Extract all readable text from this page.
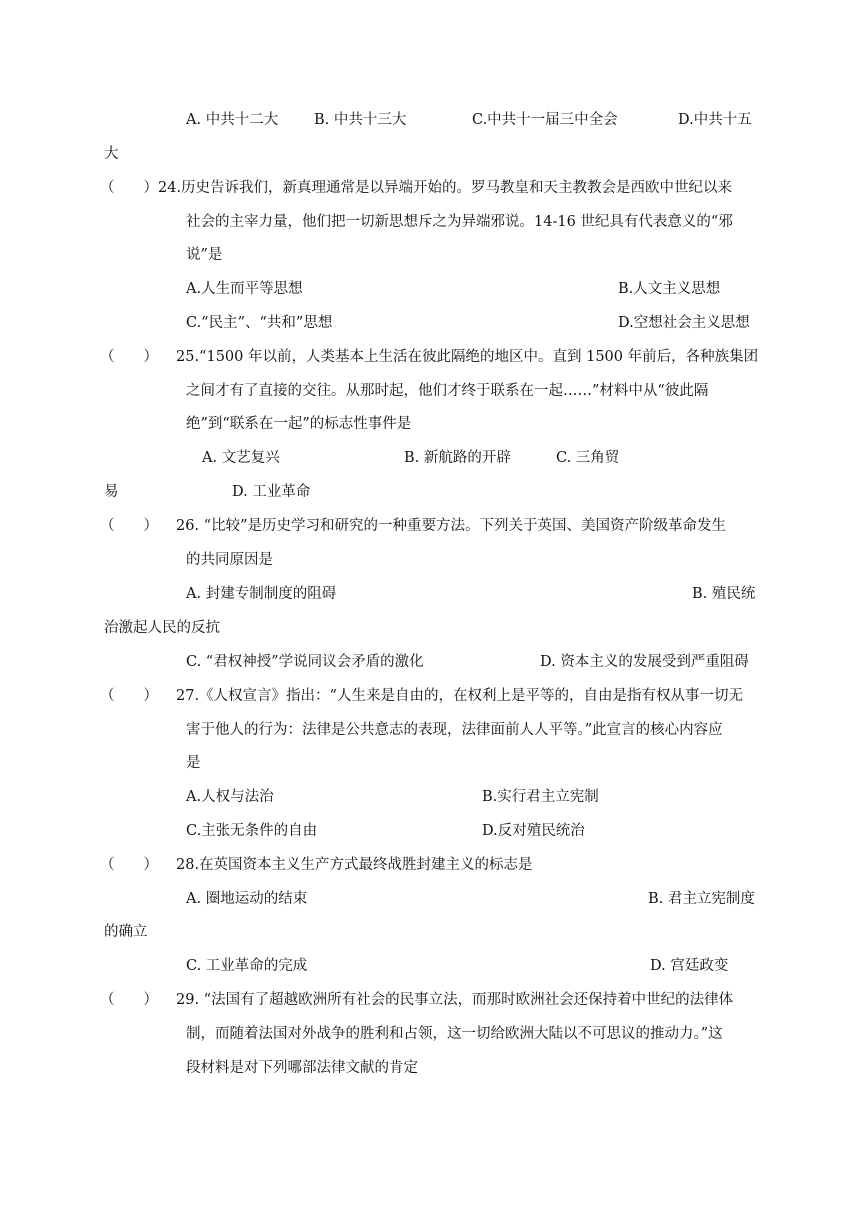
A. 中共十二大 B. 中共十三大	C.中共十一届三中全会	D.中共十五
大
（　　） 24.历史告诉我们，新真理通常是以异端开始的。罗马教皇和天主教教会是西欧中世纪以来
社会的主宰力量，他们把一切新思想斥之为异端邪说。14-16 世纪具有代表意义的“邪
说”是
A.人生而平等思想	B.人文主义思想
C.“民主”、“共和”思想	D.空想社会主义思想
（　　） 25.“1500 年以前，人类基本上生活在彼此隔绝的地区中。直到 1500 年前后，各种族集团
之间才有了直接的交往。从那时起，他们才终于联系在一起……”材料中从“彼此隔
绝”到“联系在一起”的标志性事件是
A. 文艺复兴	B. 新航路的开辟	C. 三角贸
易	D. 工业革命
（　　） 26. “比较”是历史学习和研究的一种重要方法。下列关于英国、美国资产阶级革命发生
的共同原因是
A. 封建专制制度的阻碍	B. 殖民统
治激起人民的反抗
C. “君权神授”学说同议会矛盾的激化	D. 资本主义的发展受到严重阻碍
（　　） 27.《人权宣言》指出：“人生来是自由的，在权利上是平等的，自由是指有权从事一切无
害于他人的行为：法律是公共意志的表现，法律面前人人平等。”此宣言的核心内容应
是
A.人权与法治	B.实行君主立宪制
C.主张无条件的自由	D.反对殖民统治
（　　） 28.在英国资本主义生产方式最终战胜封建主义的标志是
A. 圈地运动的结束	B. 君主立宪制度
的确立
C. 工业革命的完成	D. 宫廷政变
（　　） 29. “法国有了超越欧洲所有社会的民事立法，而那时欧洲社会还保持着中世纪的法律体
制，而随着法国对外战争的胜利和占领，这一切给欧洲大陆以不可思议的推动力。”这
段材料是对下列哪部法律文献的肯定
